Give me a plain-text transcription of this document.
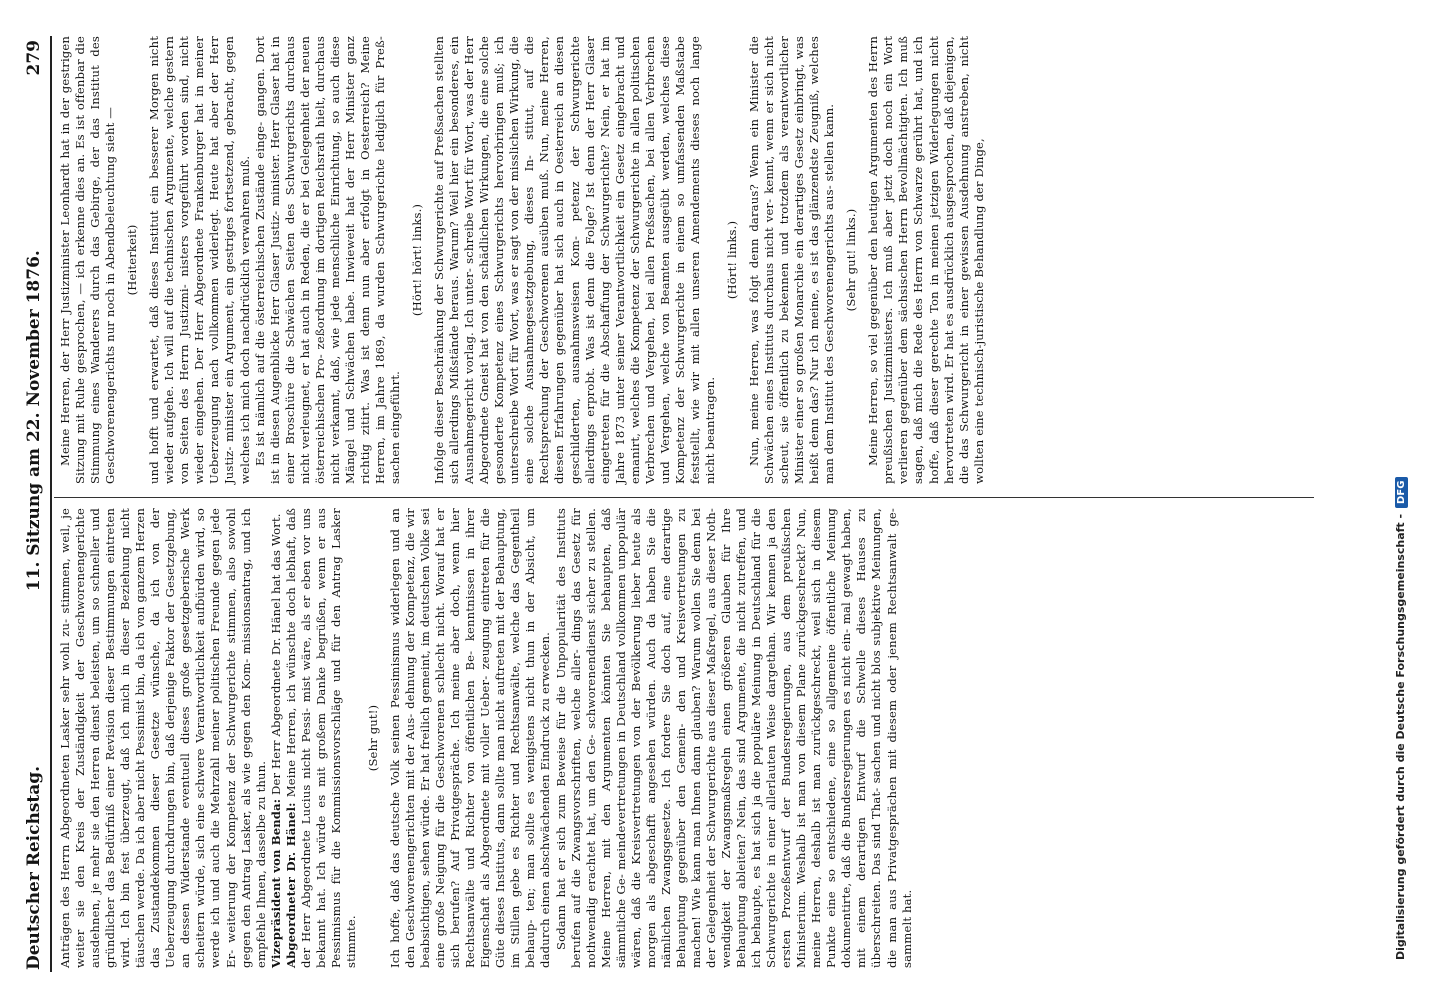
Deutscher Reichstag.
11. Sitzung am 22. November 1876.
279

Anträgen des Herrn Abgeordneten Lasker sehr wohl zu- stimmen, weil, je weiter sie den Kreis der Zuständigkeit der Geschworenengerichte ausdehnen, je mehr sie den Herren dienst beleisten, um so schneller und gründlicher das Bedürfniß einer Revision dieser Bestimmungen eintreten wird. Ich bin fest überzeugt, daß ich mich in dieser Beziehung nicht täuschen werde. Da ich aber nicht Pessimist bin, da ich von ganzem Herzen das Zustandekommen dieser Gesetze wünsche, da ich von der Ueberzeugung durchdrungen bin, daß derjenige Faktor der Gesetzgebung, an dessen Widerstande eventuell dieses große gesetzgeberische Werk scheitern würde, sich eine schwere Verantwortlichkeit aufbürden wird, so werde ich und auch die Mehrzahl meiner politischen Freunde gegen jede Er- weiterung der Kompetenz der Schwurgerichte stimmen, also sowohl gegen den Antrag Lasker, als wie gegen den Kom- missionsantrag, und ich empfehle Ihnen, dasselbe zu thun. Vizepräsident von Benda: Der Herr Abgeordnete Dr. Hänel hat das Wort.

Abgeordneter Dr. Hänel: Meine Herren, ich wünschte doch lebhaft, daß der Herr Abgeordnete Lucius nicht Pessi- mist wäre, als er eben vor uns bekannt hat. Ich würde es mit großem Danke begrüßen, wenn er aus Pessimismus für die Kommissionsvorschläge und für den Antrag Lasker stimmte.

(Sehr gut!) Ich hoffe, daß das deutsche Volk seinen Pessimismus widerlegen und an den Geschworenengerichten mit der Aus- dehnung der Kompetenz, die wir beabsichtigen, sehen würde. Er hat freilich gemeint, im deutschen Volke sei eine große Neigung für die Geschworenen schlecht nicht. Worauf hat er sich berufen? Auf Privatgespräche. Ich meine aber doch, wenn hier Rechtsanwälte und Richter von öffentlichen Be- kenntnissen in ihrer Eigenschaft als Abgeordnete mit voller Ueber- zeugung eintreten für die Güte dieses Instituts, dann sollte man nicht auftreten mit der Behauptung, im Stillen gebe es Richter und Rechtsanwälte, welche das Gegentheil behaup- ten; man sollte es wenigstens nicht thun in der Absicht, um dadurch einen abschwächenden Eindruck zu erwecken. Sodann hat er sich zum Beweise für die Unpopularität des Instituts berufen auf die Zwangsvorschriften, welche aller- dings das Gesetz für nothwendig erachtet hat, um den Ge- schworenendienst sicher zu stellen. Meine Herren, mit den Argumenten könnten Sie behaupten, daß sämmtliche Ge- meindevertretungen in Deutschland vollkommen unpopulär wären, daß die Kreisvertretungen von der Bevölkerung lieber heute als morgen als abgeschafft angesehen würden. Auch da haben Sie die nämlichen Zwangsgesetze. Ich fordere Sie doch auf, eine derartige Behauptung gegenüber den Gemein- den und Kreisvertretungen zu machen! Wie kann man Ihnen dann glauben? Warum wollen Sie denn bei der Gelegenheit der Schwurgerichte aus dieser Maßregel, aus dieser Noth- wendigkeit der Zwangsmaßregeln einen größeren Glauben für Ihre Behauptung ableiten? Nein, das sind Argumente, die nicht zutreffen, und ich behaupte, es hat sich ja die populäre Meinung in Deutschland für die Schwurgerichte in einer allerlauten Weise dargethan. Wir kennen ja den ersten Prozeßentwurf der Bundesregierungen, aus dem preußischen Ministerium. Weshalb ist man von diesem Plane zurückgeschreckt? Nun, meine Herren, deshalb ist man zurückgeschreckt, weil sich in diesem Punkte eine so entschiedene, eine so allgemeine öffentliche Meinung dokumentirte, daß die Bundesregierungen es nicht ein- mal gewagt haben, mit einem derartigen Entwurf die Schwelle dieses Hauses zu überschreiten. Das sind That- sachen und nicht blos subjektive Meinungen, die man aus Privatgesprächen mit diesem oder jenem Rechtsanwalt ge- sammelt hat.

Meine Herren, der Herr Justizminister Leonhardt hat in der gestrigen Sitzung mit Ruhe gesprochen, — ich erkenne dies an. Es ist offenbar die Stimmung eines Wanderers durch das Gebirge, der das Institut des Geschworenengerichts nur noch in Abendbeleuchtung sieht — (Heiterkeit) und hofft und erwartet, daß dieses Institut ein besserer Morgen nicht wieder aufgehe. Ich will auf die technischen Argumente, welche gestern von Seiten des Herrn Justizmi- nisters vorgeführt worden sind, nicht wieder eingehen. Der Herr Abgeordnete Frankenburger hat in meiner Ueberzeugung nach vollkommen widerlegt. Heute hat aber der Herr Justiz- minister ein Argument, ein gestriges fortsetzend, gebracht, gegen welches ich mich doch nachdrücklich verwahren muß. Es ist nämlich auf die österreichischen Zustände einge- gangen. Dort ist in diesen Augenblicke Herr Glaser Justiz- minister. Herr Glaser hat in einer Broschüre die Schwächen Seiten des Schwurgerichts durchaus nicht verleugnet, er hat auch in Reden, die er bei Gelegenheit der neuen österreichischen Pro- zeßordnung im dortigen Reichsrath hielt, durchaus nicht verkannt, daß, wie jede menschliche Einrichtung, so auch diese Mängel und Schwächen habe. Inwieweit hat der Herr Minister ganz richtig zitirt. Was ist denn nun aber erfolgt in Oesterreich? Meine Herren, im Jahre 1869, da wurden Schwurgerichte lediglich für Preß- sachen eingeführt.

(Hört! hört! links.) Infolge dieser Beschränkung der Schwurgerichte auf Preßsachen stellten sich allerdings Mißstände heraus. Warum? Weil hier ein besonderes, ein Ausnahmegericht vorlag. Ich unter- schreibe Wort für Wort, was der Herr Abgeordnete Gneist hat von den schädlichen Wirkungen, die eine solche gesonderte Kompetenz eines Schwurgerichts hervorbringen muß; ich unterschreibe Wort für Wort, was er sagt von der misslichen Wirkung, die eine solche Ausnahmegesetzgebung, dieses In- stitut, auf die Rechtsprechung der Geschworenen ausüben muß. Nun, meine Herren, diesen Erfahrungen gegenüber hat sich auch in Oesterreich an diesen geschilderten, ausnahmsweisen Kom- petenz der Schwurgerichte allerdings erprobt. Was ist denn die Folge? Ist denn der Herr Glaser eingetreten für die Abschaffung der Schwurgerichte? Nein, er hat im Jahre 1873 unter seiner Verantwortlichkeit ein Gesetz eingebracht und emanirt, welches die Kompetenz der Schwurgerichte in allen politischen Verbrechen und Vergehen, bei allen Preßsachen, bei allen Verbrechen und Vergehen, welche von Beamten ausgeübt werden, welches diese Kompetenz der Schwurgerichte in einem so umfassenden Maßstabe feststellt, wie wir mit allen unseren Amendements dieses noch lange nicht beantragen.

(Hört! links.) Nun, meine Herren, was folgt denn daraus? Wenn ein Minister die Schwächen eines Instituts durchaus nicht ver- kennt, wenn er sich nicht scheut, sie öffentlich zu bekennen und trotzdem als verantwortlicher Minister einer so großen Monarchie ein derartiges Gesetz einbringt, was heißt denn das? Nur ich meine, es ist das glänzendste Zeugniß, welches man dem Institut des Geschworenengerichts aus- stellen kann. (Sehr gut! links.) Meine Herren, so viel gegenüber den heutigen Argumenten des Herrn preußischen Justizministers. Ich muß aber jetzt doch noch ein Wort verlieren gegenüber dem sächsischen Herrn Bevollmächtigten. Ich muß sagen, daß mich die Rede des Herrn von Schwarze gerührt hat, und ich hoffe, daß dieser gerechte Ton in meinen jetzigen Widerlegungen nicht hervortreten wird. Er hat es ausdrücklich ausgesprochen, daß diejenigen, die das Schwurgericht in einer gewissen Ausdehnung anstreben, nicht wollten eine technisch-juristische Behandlung der Dinge,

Digitalisierung gefördert durch die Deutsche Forschungsgemeinschaft -DFG
